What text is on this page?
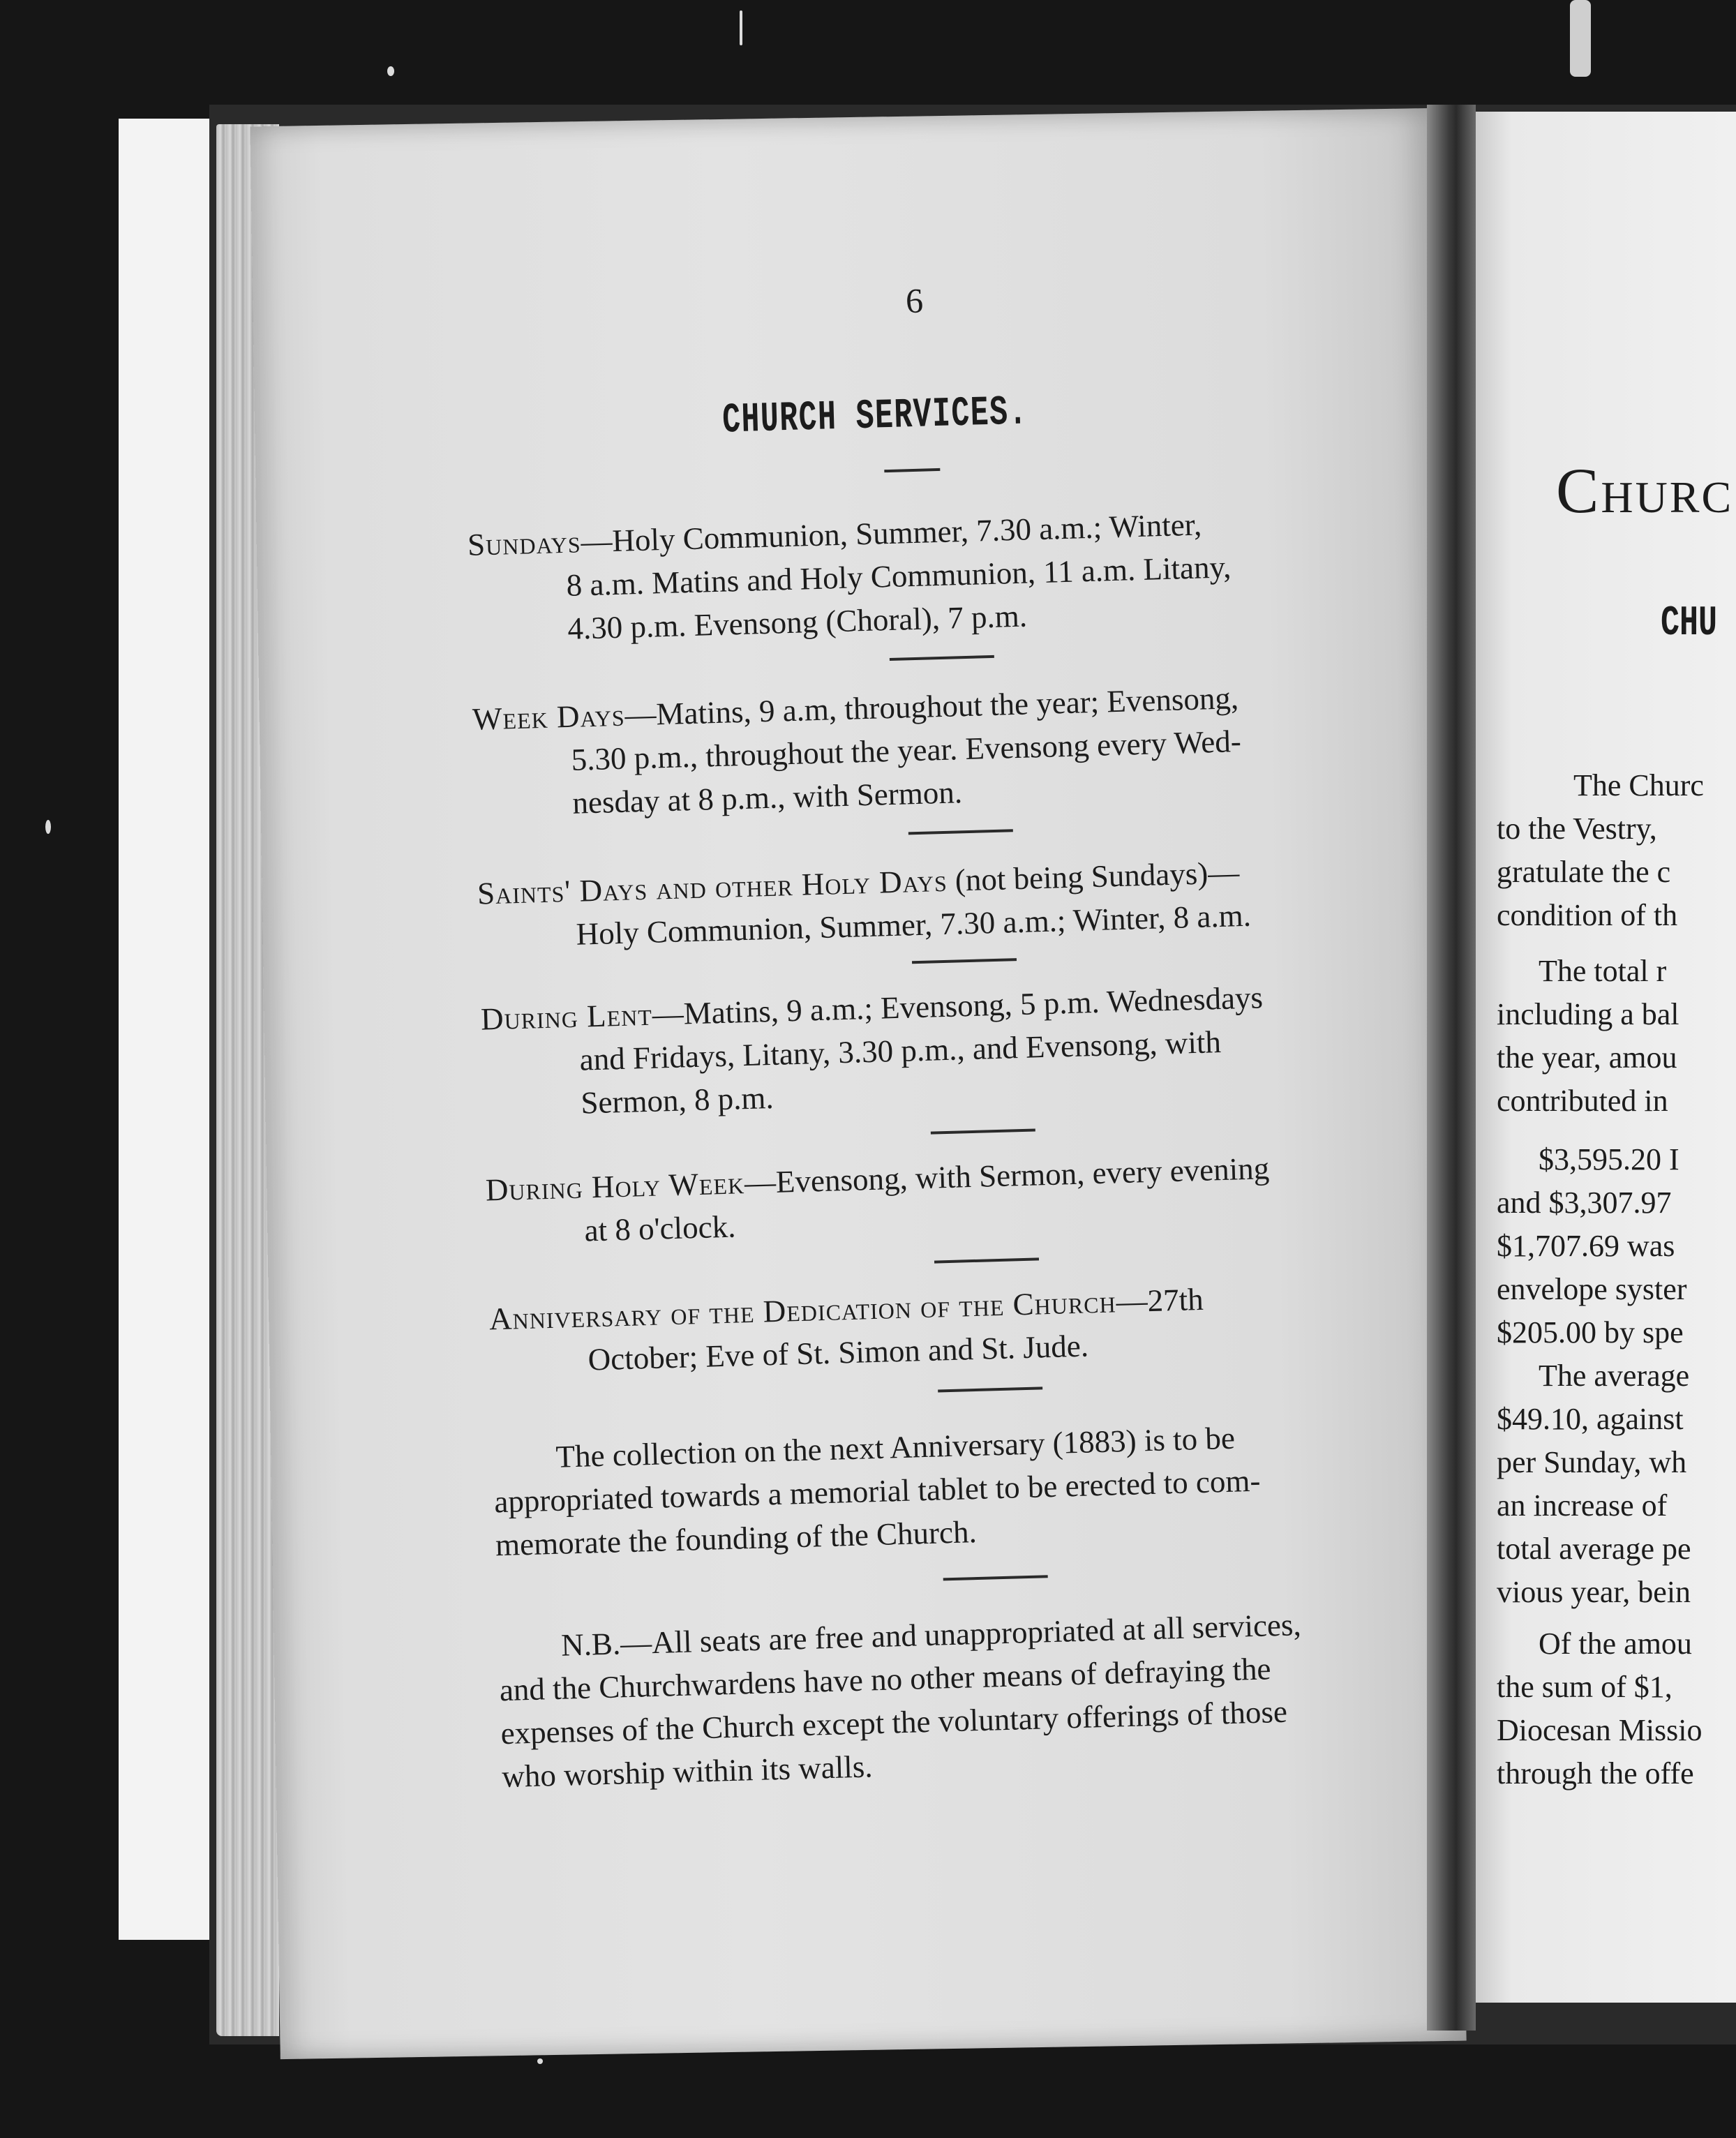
6
CHURCH SERVICES.
Sundays—Holy Communion, Summer, 7.30 a.m.; Winter,
8 a.m. Matins and Holy Communion, 11 a.m. Litany,
4.30 p.m. Evensong (Choral), 7 p.m.
Week Days—Matins, 9 a.m, throughout the year; Evensong,
5.30 p.m., throughout the year. Evensong every Wed-
nesday at 8 p.m., with Sermon.
Saints' Days and other Holy Days (not being Sundays)—
Holy Communion, Summer, 7.30 a.m.; Winter, 8 a.m.
During Lent—Matins, 9 a.m.; Evensong, 5 p.m. Wednesdays
and Fridays, Litany, 3.30 p.m., and Evensong, with
Sermon, 8 p.m.
During Holy Week—Evensong, with Sermon, every evening
at 8 o'clock.
Anniversary of the Dedication of the Church—27th
October; Eve of St. Simon and St. Jude.
The collection on the next Anniversary (1883) is to be
appropriated towards a memorial tablet to be erected to com-
memorate the founding of the Church.
N.B.—All seats are free and unappropriated at all services,
and the Churchwardens have no other means of defraying the
expenses of the Church except the voluntary offerings of those
who worship within its walls.
Churc
CHU
The Churc
to the Vestry,
gratulate the c
condition of th
The total r
including a bal
the year, amou
contributed in
$3,595.20 I
and $3,307.97
$1,707.69 was
envelope syster
$205.00 by spe
The average
$49.10, against
per Sunday, wh
an increase of
total average pe
vious year, bein
Of the amou
the sum of $1,
Diocesan Missio
through the offe
